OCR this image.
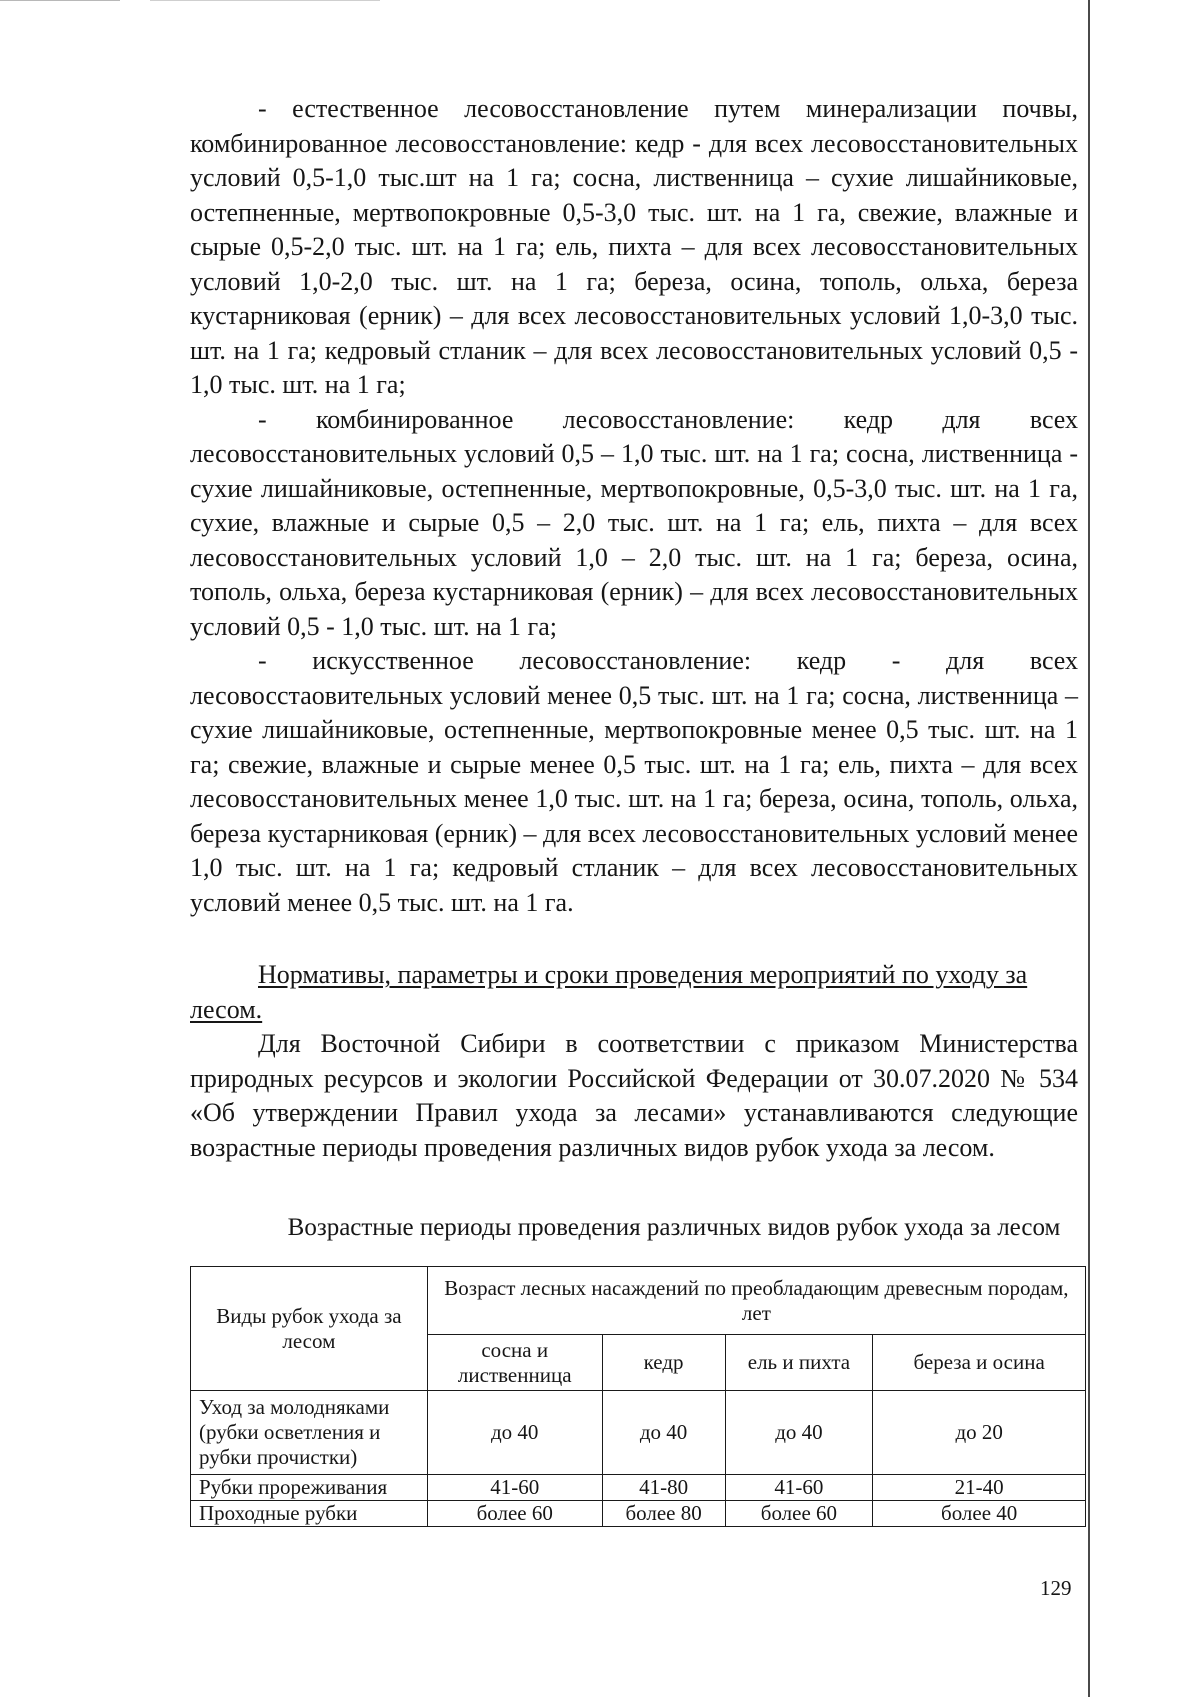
- естественное лесовосстановление путем минерализации почвы, комбинированное лесовосстановление: кедр - для всех лесовосстановительных условий 0,5-1,0 тыс.шт на 1 га; сосна, лиственница – сухие лишайниковые, остепненные, мертвопокровные 0,5-3,0 тыс. шт. на 1 га, свежие, влажные и сырые 0,5-2,0 тыс. шт. на 1 га; ель, пихта – для всех лесовосстановительных условий 1,0-2,0 тыс. шт. на 1 га; береза, осина, тополь, ольха, береза кустарниковая (ерник) – для всех лесовосстановительных условий 1,0-3,0 тыс. шт. на 1 га; кедровый стланик – для всех лесовосстановительных условий 0,5 - 1,0 тыс. шт. на 1 га;

- комбинированное лесовосстановление: кедр для всех лесовосстановительных условий 0,5 – 1,0 тыс. шт. на 1 га; сосна, лиственница - сухие лишайниковые, остепненные, мертвопокровные, 0,5-3,0 тыс. шт. на 1 га, сухие, влажные и сырые 0,5 – 2,0 тыс. шт. на 1 га; ель, пихта – для всех лесовосстановительных условий 1,0 – 2,0 тыс. шт. на 1 га; береза, осина, тополь, ольха, береза кустарниковая (ерник) – для всех лесовосстановительных условий 0,5 - 1,0 тыс. шт. на 1 га;

- искусственное лесовосстановление: кедр - для всех лесовосстаовительных условий менее 0,5 тыс. шт. на 1 га; сосна, лиственница – сухие лишайниковые, остепненные, мертвопокровные менее 0,5 тыс. шт. на 1 га; свежие, влажные и сырые менее 0,5 тыс. шт. на 1 га; ель, пихта – для всех лесовосстановительных менее 1,0 тыс. шт. на 1 га; береза, осина, тополь, ольха, береза кустарниковая (ерник) – для всех лесовосстановительных условий менее 1,0 тыс. шт. на 1 га; кедровый стланик – для всех лесовосстановительных условий менее 0,5 тыс. шт. на 1 га.

Нормативы, параметры и сроки проведения мероприятий по уходу за лесом.

Для Восточной Сибири в соответствии с приказом Министерства природных ресурсов и экологии Российской Федерации от 30.07.2020 № 534 «Об утверждении Правил ухода за лесами» устанавливаются следующие возрастные периоды проведения различных видов рубок ухода за лесом.

Возрастные периоды проведения различных видов рубок ухода за лесом

Виды рубок ухода за лесом	Возраст лесных насаждений по преобладающим древесным породам, лет			
	сосна и лиственница	кедр	ель и пихта	береза и осина
Уход за молодняками (рубки осветления и рубки прочистки)	до 40	до 40	до 40	до 20
Рубки прореживания	41-60	41-80	41-60	21-40
Проходные рубки	более 60	более 80	более 60	более 40
129
